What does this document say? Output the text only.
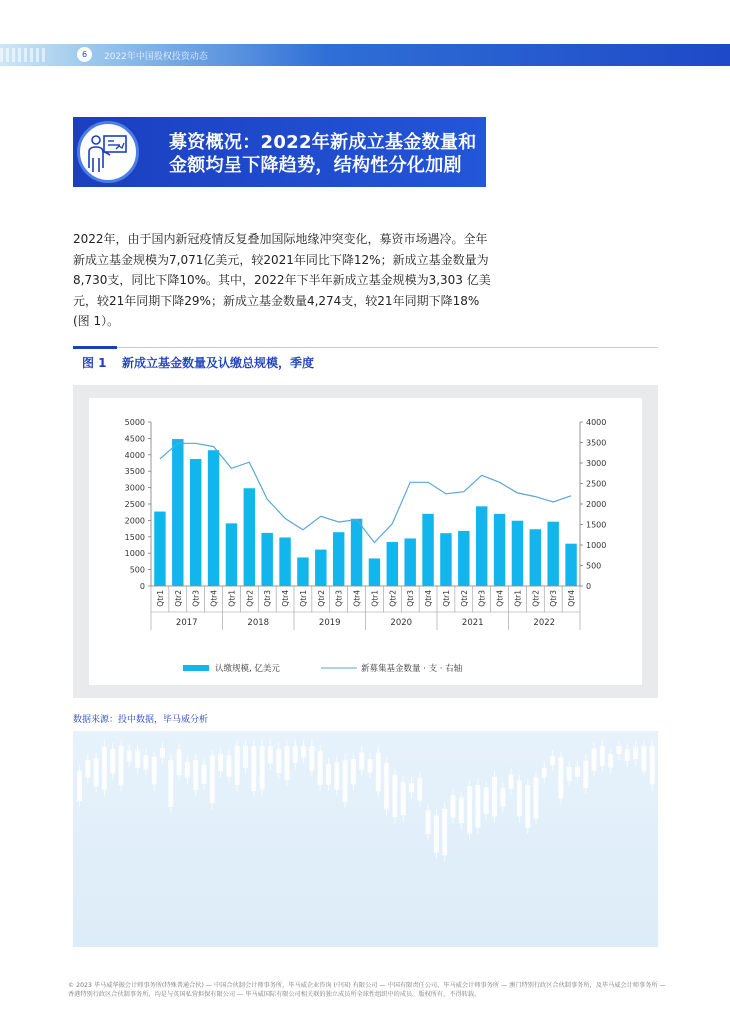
6	2022年中国股权投资动态
募资概况：2022年新成立基金数量和金额均呈下降趋势，结构性分化加剧
2022年，由于国内新冠疫情反复叠加国际地缘冲突变化，募资市场遇冷。全年新成立基金规模为7,071亿美元，较2021年同比下降12%；新成立基金数量为8,730支，同比下降10%。其中，2022年下半年新成立基金规模为3,303 亿美元，较21年同期下降29%；新成立基金数量4,274支，较21年同期下降18%(图 1）。
图 1 新成立基金数量及认缴总规模，季度
0
500
1000
1500
2000
2500
3000
3500
4000
4500
5000
0
500
1000
1500
2000
2500
3000
3500
4000
Qtr1 Qtr2 Qtr3 Qtr4 Qtr1 Qtr2 Qtr3 Qtr4 Qtr1 Qtr2 Qtr3 Qtr4 Qtr1 Qtr2 Qtr3 Qtr4 Qtr1 Qtr2 Qtr3 Qtr4 Qtr1 Qtr2 Qtr3 Qtr4
2017	2018	2019	2020	2021	2022
认缴规模, 亿美元	新募集基金数量 · 支 · 右轴
数据来源：投中数据，毕马威分析
© 2023 毕马威华振会计师事务所(特殊普通合伙) — 中国合伙制会计师事务所，毕马威企业咨询 (中国) 有限公司 — 中国有限责任公司，毕马威会计师事务所 — 澳门特别行政区合伙制事务所，及毕马威会计师事务所 — 香港特别行政区合伙制事务所，均是与英国私营担保有限公司 — 毕马威国际有限公司相关联的独立成员所全球性组织中的成员。版权所有，不得转载。
